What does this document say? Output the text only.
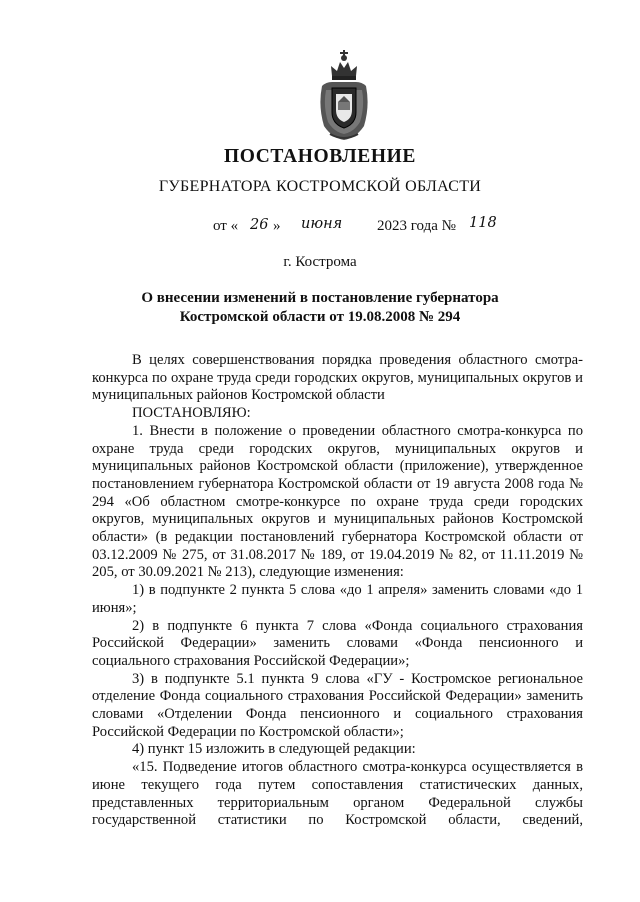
ПОСТАНОВЛЕНИЕ
ГУБЕРНАТОРА КОСТРОМСКОЙ ОБЛАСТИ
от « 26 » июня 2023 года № 118
г. Кострома
О внесении изменений в постановление губернатора
Костромской области от 19.08.2008 № 294

В целях совершенствования порядка проведения областного смотра-конкурса по охране труда среди городских округов, муниципальных округов и муниципальных районов Костромской области

ПОСТАНОВЛЯЮ:

1. Внести в положение о проведении областного смотра-конкурса по охране труда среди городских округов, муниципальных округов и муниципальных районов Костромской области (приложение), утвержденное постановлением губернатора Костромской области от 19 августа 2008 года № 294 «Об областном смотре-конкурсе по охране труда среди городских округов, муниципальных округов и муниципальных районов Костромской области» (в редакции постановлений губернатора Костромской области от 03.12.2009 № 275, от 31.08.2017 № 189, от 19.04.2019 № 82, от 11.11.2019 № 205, от 30.09.2021 № 213), следующие изменения:

1) в подпункте 2 пункта 5 слова «до 1 апреля» заменить словами «до 1 июня»;

2) в подпункте 6 пункта 7 слова «Фонда социального страхования Российской Федерации» заменить словами «Фонда пенсионного и социального страхования Российской Федерации»;

3) в подпункте 5.1 пункта 9 слова «ГУ - Костромское региональное отделение Фонда социального страхования Российской Федерации» заменить словами «Отделении Фонда пенсионного и социального страхования Российской Федерации по Костромской области»;

4) пункт 15 изложить в следующей редакции:

«15. Подведение итогов областного смотра-конкурса осуществляется в июне текущего года путем сопоставления статистических данных, представленных территориальным органом Федеральной службы государственной статистики по Костромской области, сведений,
